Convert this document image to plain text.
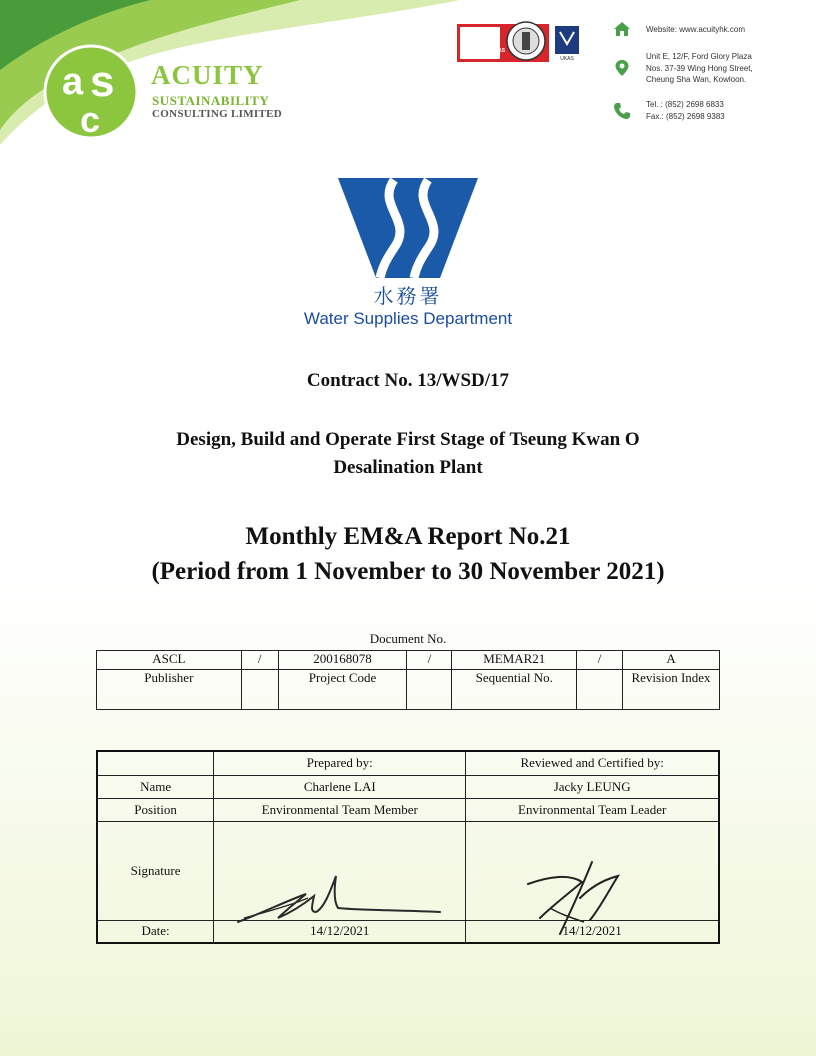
a s
c
ACUITY
SUSTAINABILITY
CONSULTING LIMITED
BUREAU VERITAS
UKAS
Website: www.acuityhk.com
Unit E, 12/F, Ford Glory Plaza
Nos. 37-39 Wing Hong Street,
Cheung Sha Wan, Kowloon.
Tel. : (852) 2698 6833
Fax.: (852) 2698 9383
水務署
Water Supplies Department
Contract No. 13/WSD/17
Design, Build and Operate First Stage of Tseung Kwan O
Desalination Plant
Monthly EM&A Report No.21
(Period from 1 November to 30 November 2021)
Document No.
ASCL	/	200168078	/	MEMAR21	/	A
Publisher		Project Code		Sequential No.		Revision Index
	Prepared by:	Reviewed and Certified by:
Name	Charlene LAI	Jacky LEUNG
Position	Environmental Team Member	Environmental Team Leader
Signature		
Date:	14/12/2021	14/12/2021
